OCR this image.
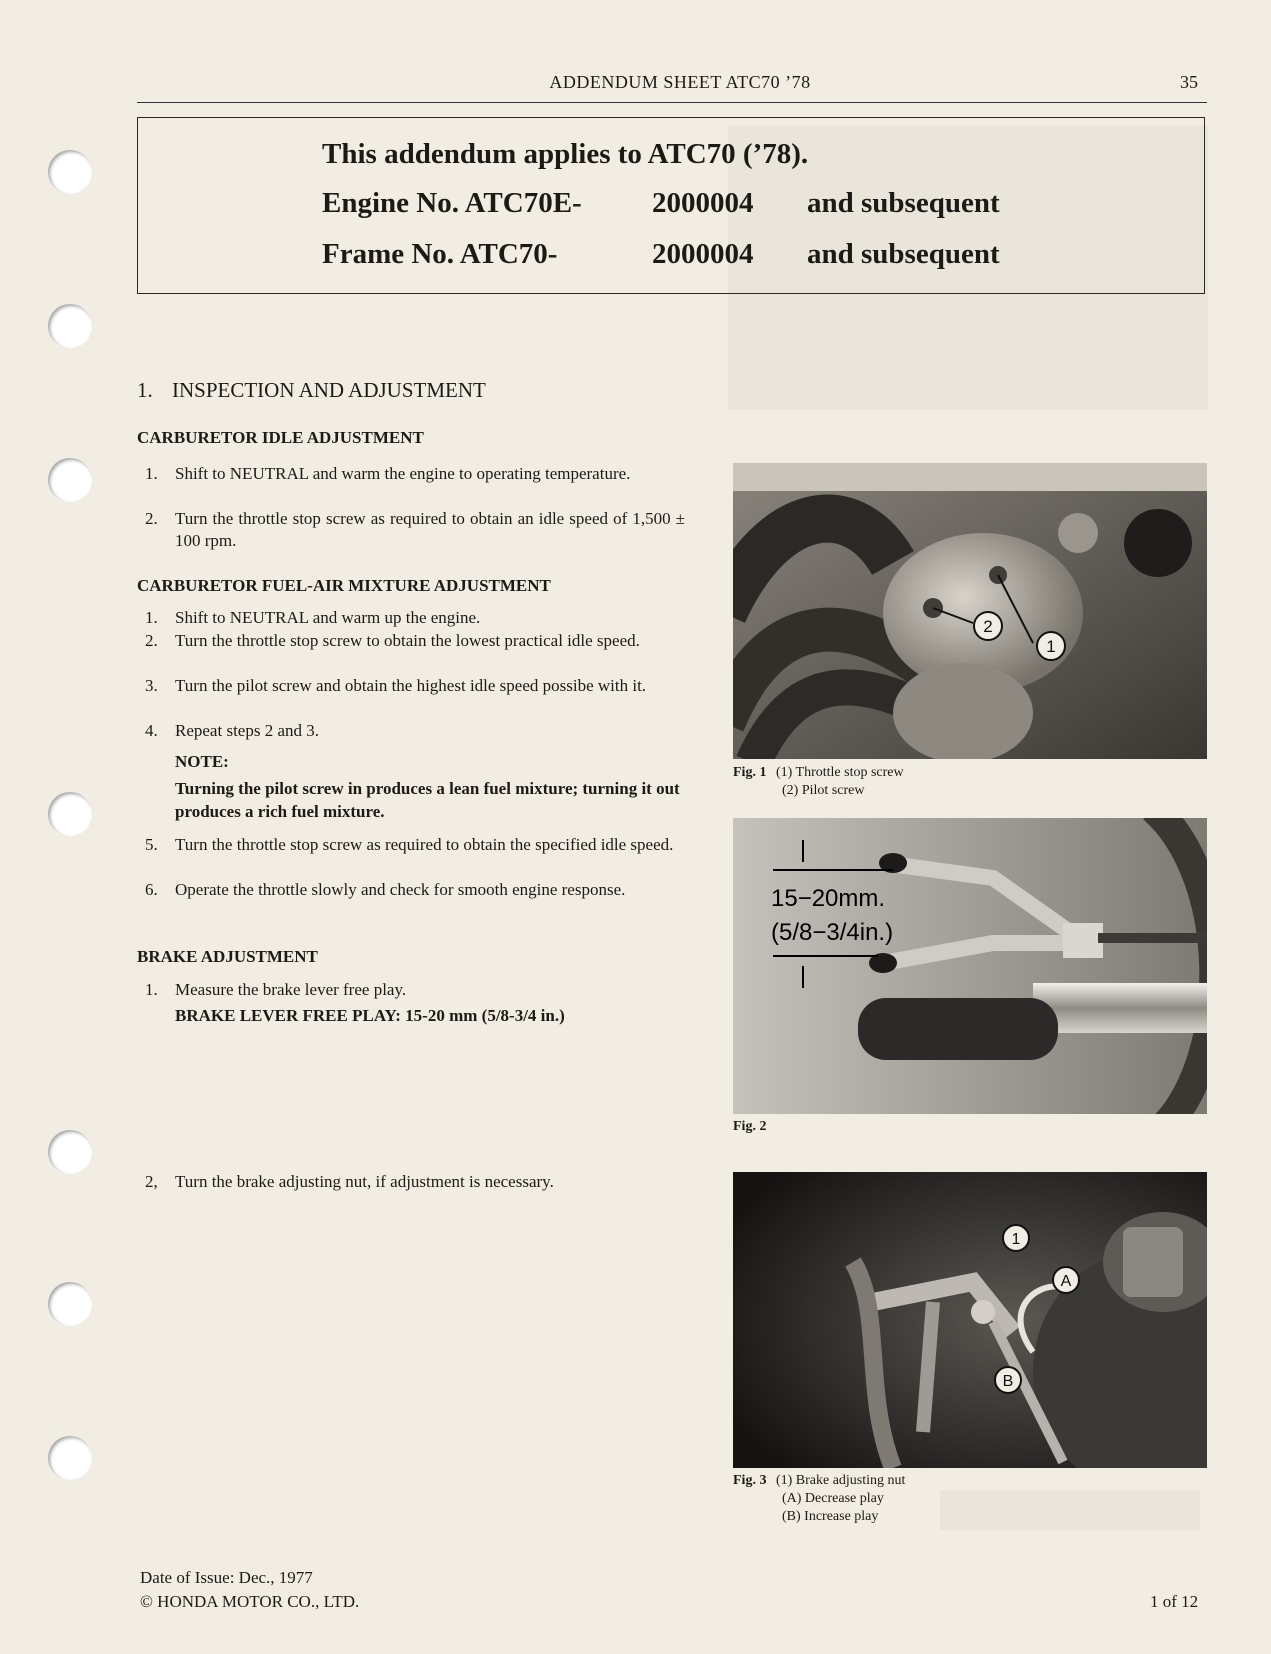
ADDENDUM SHEET ATC70 ’78	35
This addendum applies to ATC70 (’78).
Engine No. ATC70E- 2000004 and subsequent
Frame No. ATC70-	2000004 and subsequent
1. INSPECTION AND ADJUSTMENT
CARBURETOR IDLE ADJUSTMENT
1.	Shift to NEUTRAL and warm the engine to operating temperature.
2.	Turn the throttle stop screw as required to obtain an idle speed of 1,500 ± 100 rpm.
CARBURETOR FUEL-AIR MIXTURE ADJUSTMENT
1.	Shift to NEUTRAL and warm up the engine.
2.	Turn the throttle stop screw to obtain the lowest practical idle speed.
3.	Turn the pilot screw and obtain the highest idle speed possibe with it.
4.	Repeat steps 2 and 3.
NOTE:
Turning the pilot screw in produces a lean fuel mixture; turning it out produces a rich fuel mixture.
5.	Turn the throttle stop screw as required to obtain the specified idle speed.
6.	Operate the throttle slowly and check for smooth engine response.
BRAKE ADJUSTMENT
1.	Measure the brake lever free play.
BRAKE LEVER FREE PLAY: 15-20 mm (5/8-3/4 in.)
2,	Turn the brake adjusting nut, if adjustment is necessary.
2
1
Fig. 1 (1) Throttle stop screw
(2) Pilot screw
15−20mm.
(5/8−3/4in.)
Fig. 2
1
A
B
Fig. 3 (1) Brake adjusting nut
(A) Decrease play
(B) Increase play
Date of Issue: Dec., 1977
© HONDA MOTOR CO., LTD.	1 of 12
